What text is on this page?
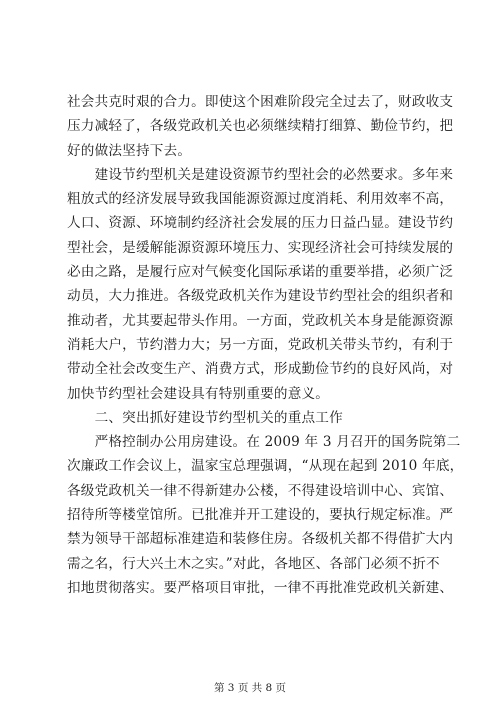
社会共克时艰的合力。即使这个困难阶段完全过去了，财政收支
压力减轻了，各级党政机关也必须继续精打细算、勤俭节约，把
好的做法坚持下去。
　　建设节约型机关是建设资源节约型社会的必然要求。多年来
粗放式的经济发展导致我国能源资源过度消耗、利用效率不高，
人口、资源、环境制约经济社会发展的压力日益凸显。建设节约
型社会，是缓解能源资源环境压力、实现经济社会可持续发展的
必由之路，是履行应对气候变化国际承诺的重要举措，必须广泛
动员，大力推进。各级党政机关作为建设节约型社会的组织者和
推动者，尤其要起带头作用。一方面，党政机关本身是能源资源
消耗大户，节约潜力大；另一方面，党政机关带头节约，有利于
带动全社会改变生产、消费方式，形成勤俭节约的良好风尚，对
加快节约型社会建设具有特别重要的意义。
　　二、突出抓好建设节约型机关的重点工作
　　严格控制办公用房建设。在 2009 年 3 月召开的国务院第二
次廉政工作会议上，温家宝总理强调，“从现在起到 2010 年底，
各级党政机关一律不得新建办公楼，不得建设培训中心、宾馆、
招待所等楼堂馆所。已批准并开工建设的，要执行规定标准。严
禁为领导干部超标准建造和装修住房。各级机关都不得借扩大内
需之名，行大兴土木之实。”对此，各地区、各部门必须不折不
扣地贯彻落实。要严格项目审批，一律不再批准党政机关新建、
第 3 页 共 8 页
